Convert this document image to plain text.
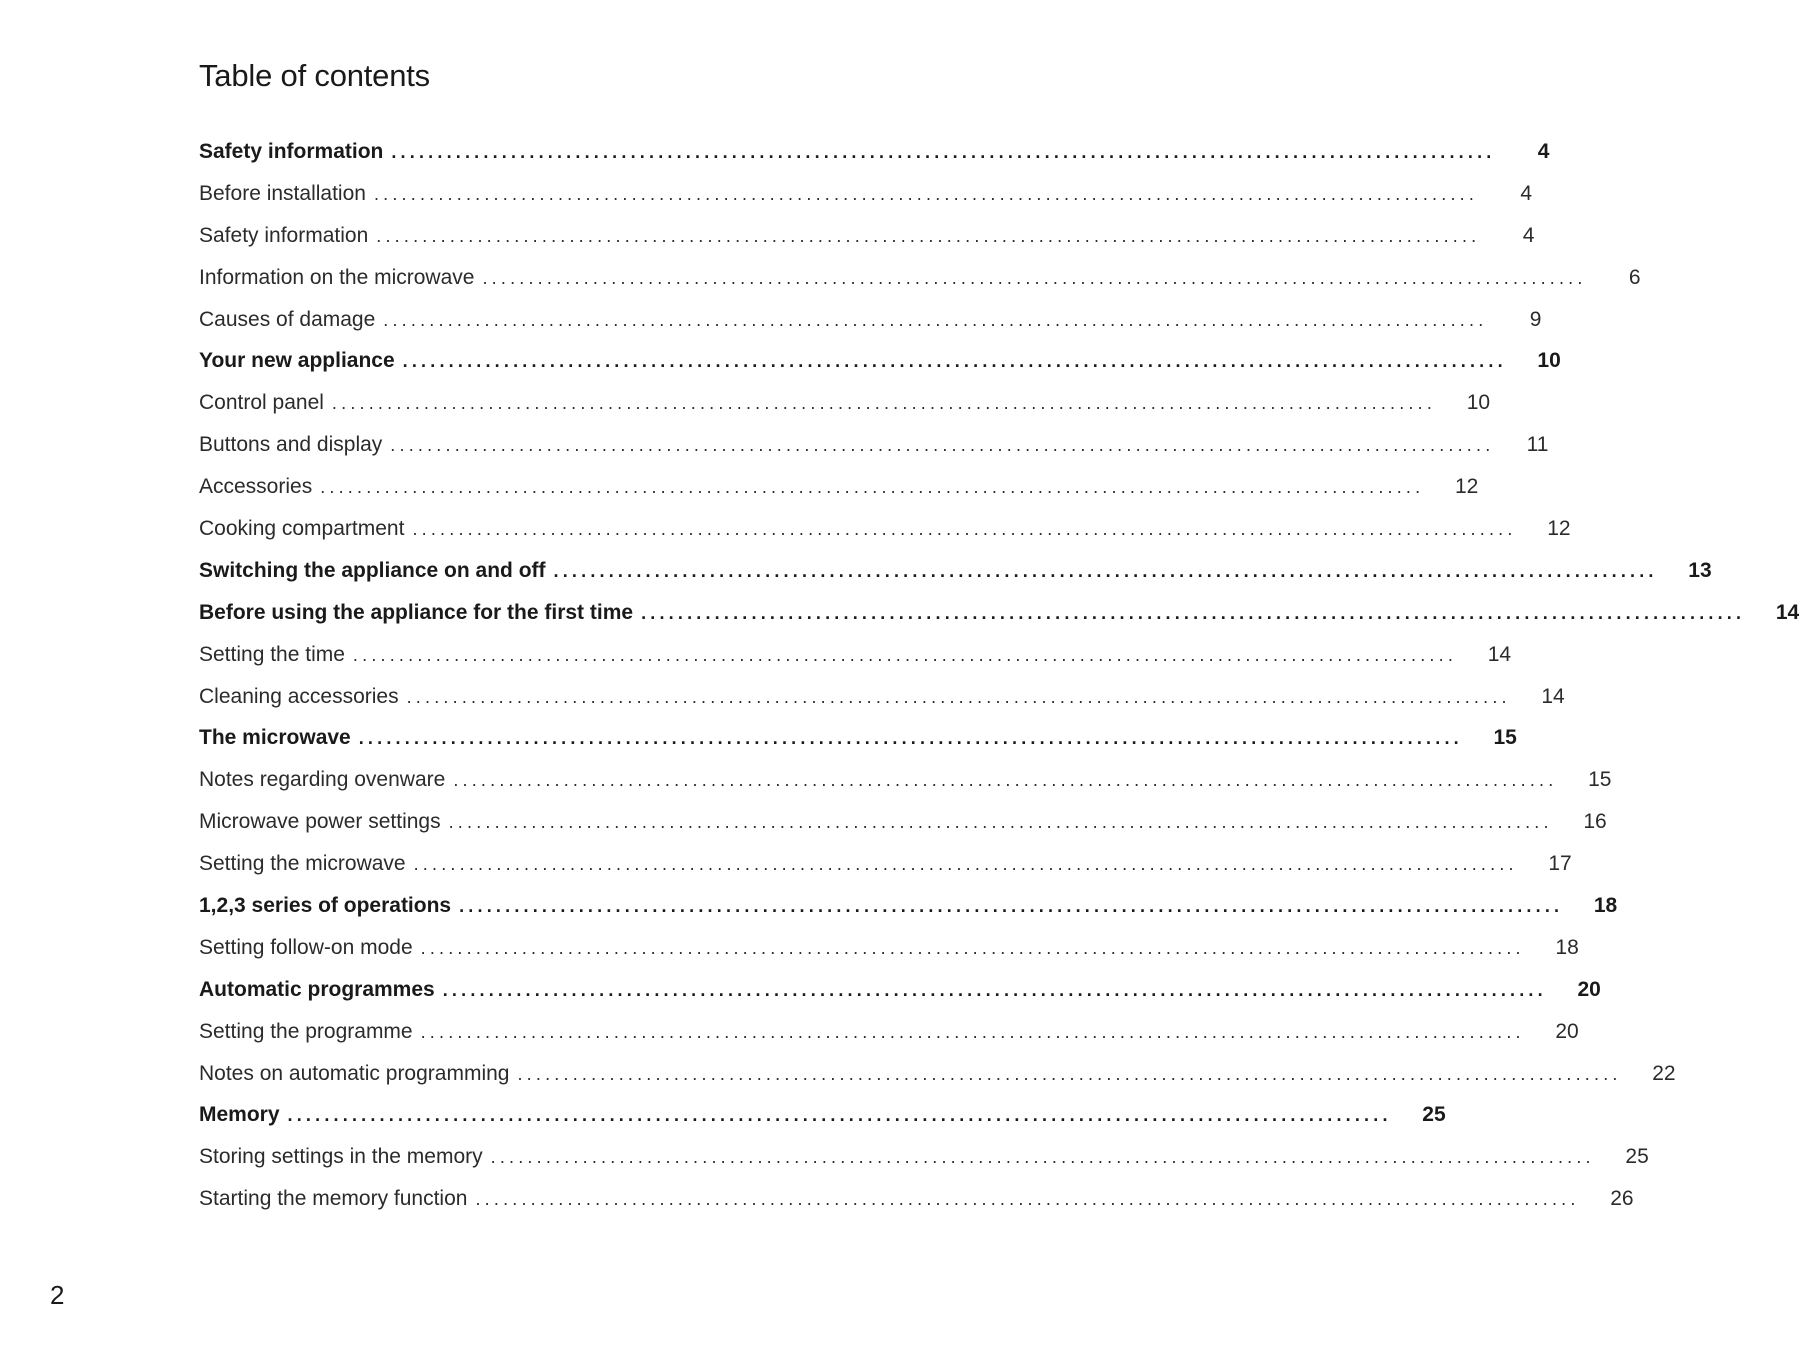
Table of contents
Safety information ........................................................................................................................	4
Before installation ........................................................................................................................	4
Safety information ........................................................................................................................	4
Information on the microwave ........................................................................................................................	6
Causes of damage ........................................................................................................................	9
Your new appliance ........................................................................................................................	10
Control panel ........................................................................................................................	10
Buttons and display ........................................................................................................................	11
Accessories ........................................................................................................................	12
Cooking compartment ........................................................................................................................	12
Switching the appliance on and off ........................................................................................................................	13
Before using the appliance for the first time ........................................................................................................................	14
Setting the time ........................................................................................................................	14
Cleaning accessories ........................................................................................................................	14
The microwave ........................................................................................................................	15
Notes regarding ovenware ........................................................................................................................	15
Microwave power settings ........................................................................................................................	16
Setting the microwave ........................................................................................................................	17
1,2,3 series of operations ........................................................................................................................	18
Setting follow-on mode ........................................................................................................................	18
Automatic programmes ........................................................................................................................	20
Setting the programme ........................................................................................................................	20
Notes on automatic programming ........................................................................................................................	22
Memory ........................................................................................................................	25
Storing settings in the memory ........................................................................................................................	25
Starting the memory function ........................................................................................................................	26
2
